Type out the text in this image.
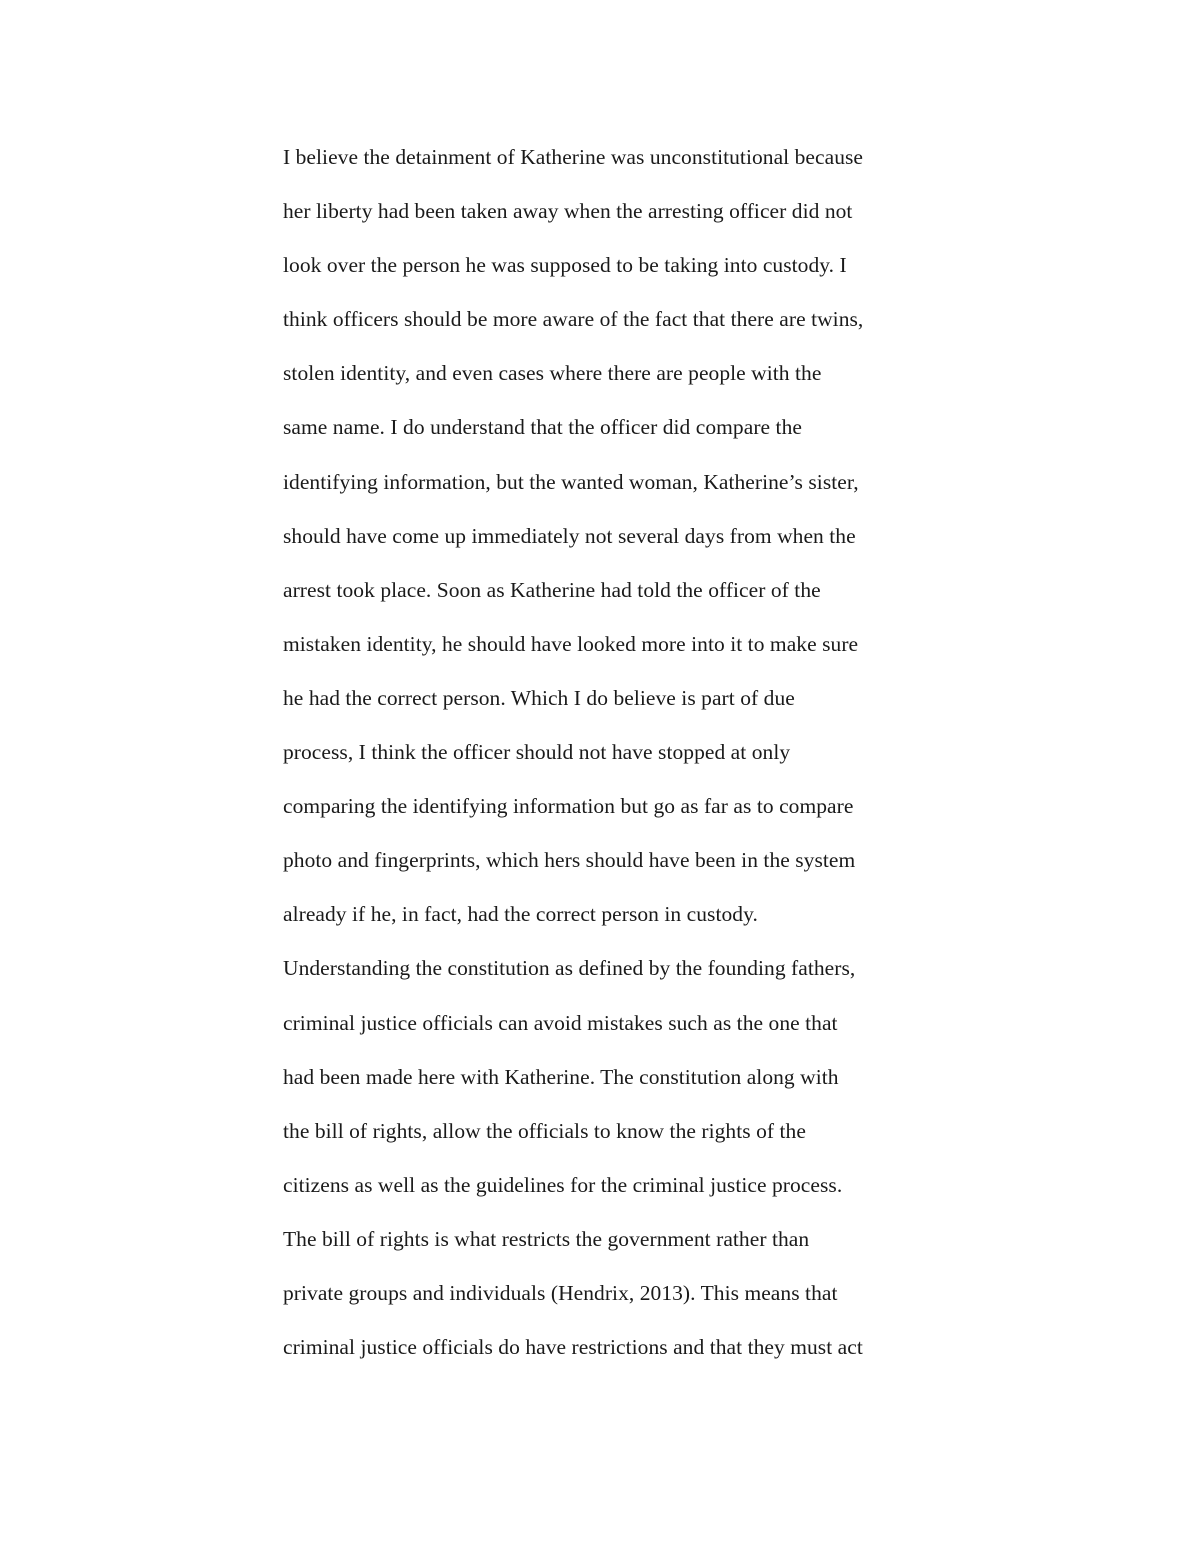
I believe the detainment of Katherine was unconstitutional because
her liberty had been taken away when the arresting officer did not
look over the person he was supposed to be taking into custody. I
think officers should be more aware of the fact that there are twins,
stolen identity, and even cases where there are people with the
same name. I do understand that the officer did compare the
identifying information, but the wanted woman, Katherine’s sister,
should have come up immediately not several days from when the
arrest took place. Soon as Katherine had told the officer of the
mistaken identity, he should have looked more into it to make sure
he had the correct person. Which I do believe is part of due
process, I think the officer should not have stopped at only
comparing the identifying information but go as far as to compare
photo and fingerprints, which hers should have been in the system
already if he, in fact, had the correct person in custody.
Understanding the constitution as defined by the founding fathers,
criminal justice officials can avoid mistakes such as the one that
had been made here with Katherine. The constitution along with
the bill of rights, allow the officials to know the rights of the
citizens as well as the guidelines for the criminal justice process.
The bill of rights is what restricts the government rather than
private groups and individuals (Hendrix, 2013). This means that
criminal justice officials do have restrictions and that they must act
